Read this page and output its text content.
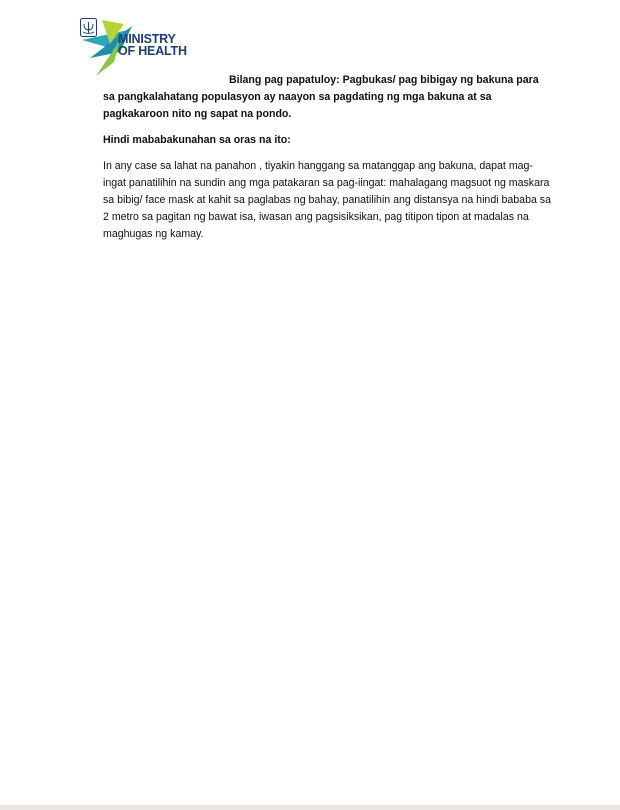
MINISTRY
OF HEALTH

Bilang pag papatuloy: Pagbukas/ pag bibigay ng bakuna para sa pangkalahatang populasyon ay naayon sa pagdating ng mga bakuna at sa pagkakaroon nito ng sapat na pondo.

Hindi mababakunahan sa oras na ito:

In any case sa lahat na panahon , tiyakin hanggang sa matanggap ang bakuna, dapat mag-ingat panatilihin na sundin ang mga patakaran sa pag-iingat: mahalagang magsuot ng maskara sa bibig/ face mask at kahit sa paglabas ng bahay, panatilihin ang distansya na hindi bababa sa 2 metro sa pagitan ng bawat isa, iwasan ang pagsisiksikan, pag titipon tipon at madalas na maghugas ng kamay.
